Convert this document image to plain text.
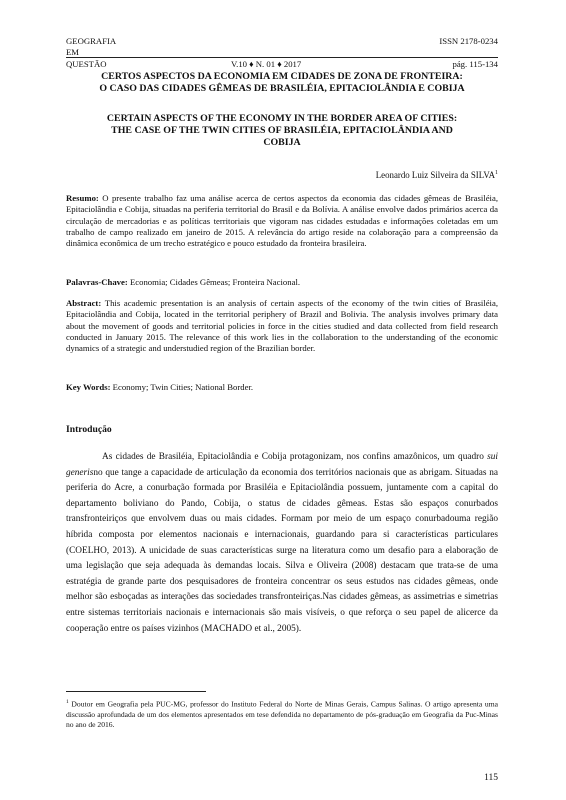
GEOGRAFIA	ISSN 2178-0234
EM
QUESTÃO	V.10 ♦ N. 01 ♦ 2017	pág. 115-134
CERTOS ASPECTOS DA ECONOMIA EM CIDADES DE ZONA DE FRONTEIRA:
O CASO DAS CIDADES GÊMEAS DE BRASILÉIA, EPITACIOLÂNDIA E COBIJA
CERTAIN ASPECTS OF THE ECONOMY IN THE BORDER AREA OF CITIES:
THE CASE OF THE TWIN CITIES OF BRASILÉIA, EPITACIOLÂNDIA AND
COBIJA
Leonardo Luiz Silveira da SILVA$^1$
Resumo: O presente trabalho faz uma análise acerca de certos aspectos da economia das cidades gêmeas de Brasiléia, Epitaciolândia e Cobija, situadas na periferia territorial do Brasil e da Bolívia. A análise envolve dados primários acerca da circulação de mercadorias e as políticas territoriais que vigoram nas cidades estudadas e informações coletadas em um trabalho de campo realizado em janeiro de 2015. A relevância do artigo reside na colaboração para a compreensão da dinâmica econômica de um trecho estratégico e pouco estudado da fronteira brasileira.
Palavras-Chave: Economia; Cidades Gêmeas; Fronteira Nacional.
Abstract: This academic presentation is an analysis of certain aspects of the economy of the twin cities of Brasiléia, Epitaciolândia and Cobija, located in the territorial periphery of Brazil and Bolivia. The analysis involves primary data about the movement of goods and territorial policies in force in the cities studied and data collected from field research conducted in January 2015. The relevance of this work lies in the collaboration to the understanding of the economic dynamics of a strategic and understudied region of the Brazilian border.
Key Words: Economy; Twin Cities; National Border.
Introdução
As cidades de Brasiléia, Epitaciolândia e Cobija protagonizam, nos confins amazônicos, um quadro sui generisno que tange a capacidade de articulação da economia dos territórios nacionais que as abrigam. Situadas na periferia do Acre, a conurbação formada por Brasiléia e Epitaciolândia possuem, juntamente com a capital do departamento boliviano do Pando, Cobija, o status de cidades gêmeas. Estas são espaços conurbados transfronteiriços que envolvem duas ou mais cidades. Formam por meio de um espaço conurbadouma região híbrida composta por elementos nacionais e internacionais, guardando para si características particulares (COELHO, 2013). A unicidade de suas características surge na literatura como um desafio para a elaboração de uma legislação que seja adequada às demandas locais. Silva e Oliveira (2008) destacam que trata-se de uma estratégia de grande parte dos pesquisadores de fronteira concentrar os seus estudos nas cidades gêmeas, onde melhor são esboçadas as interações das sociedades transfronteiriças.Nas cidades gêmeas, as assimetrias e simetrias entre sistemas territoriais nacionais e internacionais são mais visíveis, o que reforça o seu papel de alicerce da cooperação entre os países vizinhos (MACHADO et al., 2005).
$^1$ Doutor em Geografia pela PUC-MG, professor do Instituto Federal do Norte de Minas Gerais, Campus Salinas. O artigo apresenta uma discussão aprofundada de um dos elementos apresentados em tese defendida no departamento de pós-graduação em Geografia da Puc-Minas no ano de 2016.
115
